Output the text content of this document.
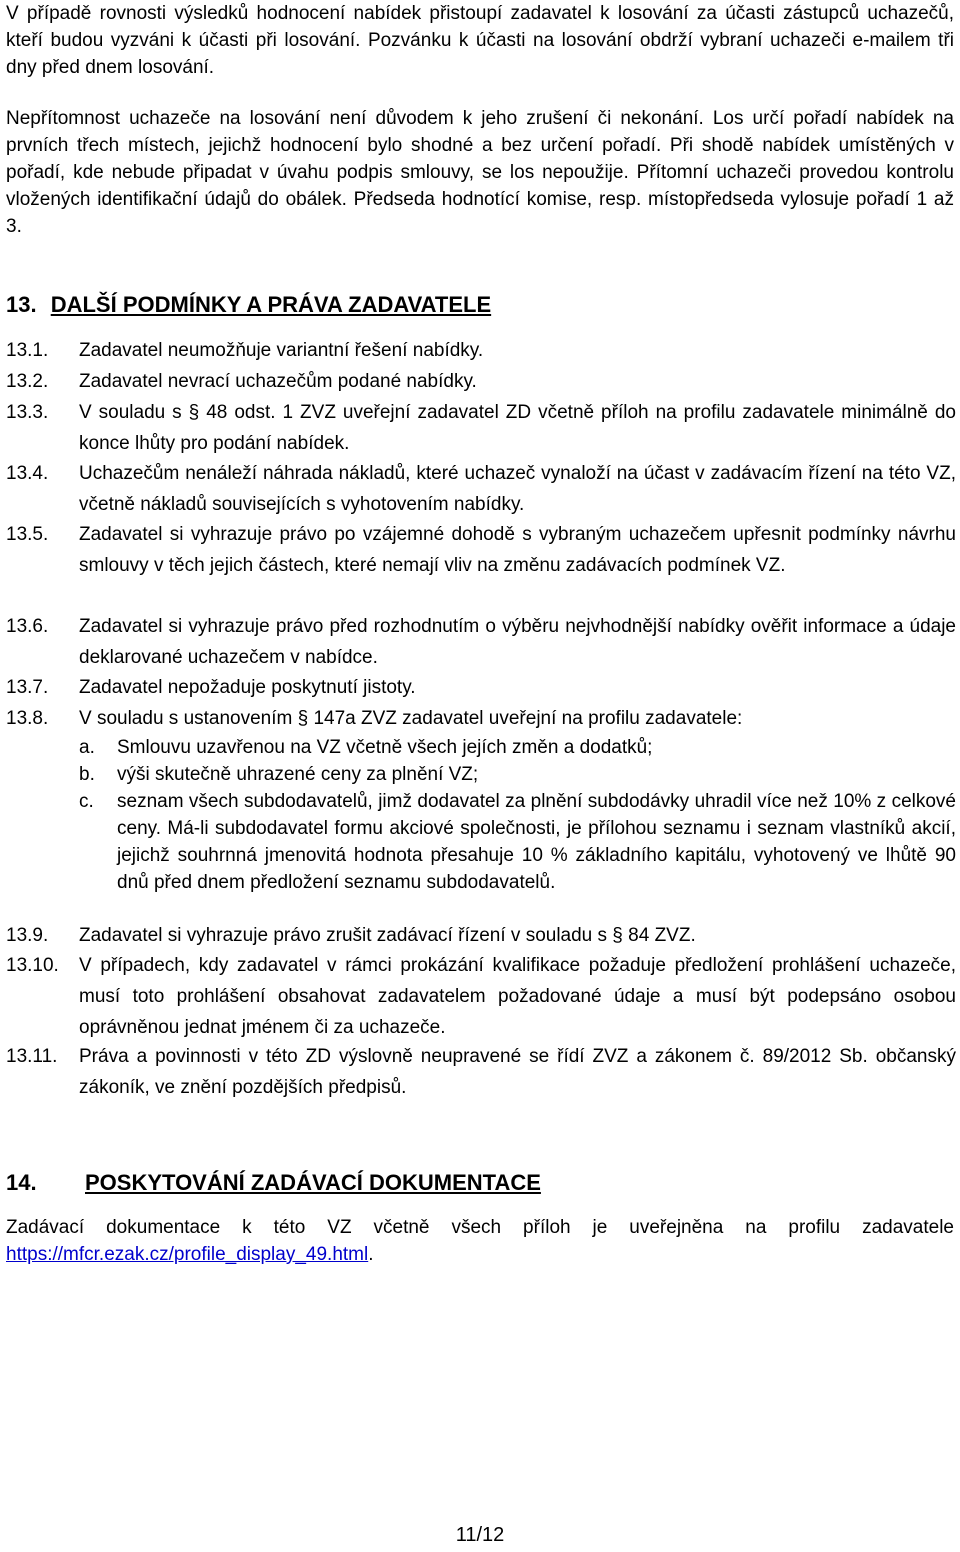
V případě rovnosti výsledků hodnocení nabídek přistoupí zadavatel k losování za účasti zástupců uchazečů, kteří budou vyzváni k účasti při losování. Pozvánku k účasti na losování obdrží vybraní uchazeči e-mailem tři dny před dnem losování.

Nepřítomnost uchazeče na losování není důvodem k jeho zrušení či nekonání. Los určí pořadí nabídek na prvních třech místech, jejichž hodnocení bylo shodné a bez určení pořadí. Při shodě nabídek umístěných v pořadí, kde nebude připadat v úvahu podpis smlouvy, se los nepoužije. Přítomní uchazeči provedou kontrolu vložených identifikační údajů do obálek. Předseda hodnotící komise, resp. místopředseda vylosuje pořadí 1 až 3.

13. DALŠÍ PODMÍNKY A PRÁVA ZADAVATELE
13.1. Zadavatel neumožňuje variantní řešení nabídky.
13.2. Zadavatel nevrací uchazečům podané nabídky.
13.3. V souladu s § 48 odst. 1 ZVZ uveřejní zadavatel ZD včetně příloh na profilu zadavatele minimálně do konce lhůty pro podání nabídek.
13.4. Uchazečům nenáleží náhrada nákladů, které uchazeč vynaloží na účast v zadávacím řízení na této VZ, včetně nákladů souvisejících s vyhotovením nabídky.
13.5. Zadavatel si vyhrazuje právo po vzájemné dohodě s vybraným uchazečem upřesnit podmínky návrhu smlouvy v těch jejich částech, které nemají vliv na změnu zadávacích podmínek VZ.
13.6. Zadavatel si vyhrazuje právo před rozhodnutím o výběru nejvhodnější nabídky ověřit informace a údaje deklarované uchazečem v nabídce.
13.7. Zadavatel nepožaduje poskytnutí jistoty.
13.8. V souladu s ustanovením § 147a ZVZ zadavatel uveřejní na profilu zadavatele:
a. Smlouvu uzavřenou na VZ včetně všech jejích změn a dodatků;
b. výši skutečně uhrazené ceny za plnění VZ;
c. seznam všech subdodavatelů, jimž dodavatel za plnění subdodávky uhradil více než 10% z celkové ceny. Má-li subdodavatel formu akciové společnosti, je přílohou seznamu i seznam vlastníků akcií, jejichž souhrnná jmenovitá hodnota přesahuje 10 % základního kapitálu, vyhotovený ve lhůtě 90 dnů před dnem předložení seznamu subdodavatelů.
13.9. Zadavatel si vyhrazuje právo zrušit zadávací řízení v souladu s § 84 ZVZ.
13.10. V případech, kdy zadavatel v rámci prokázání kvalifikace požaduje předložení prohlášení uchazeče, musí toto prohlášení obsahovat zadavatelem požadované údaje a musí být podepsáno osobou oprávněnou jednat jménem či za uchazeče.
13.11. Práva a povinnosti v této ZD výslovně neupravené se řídí ZVZ a zákonem č. 89/2012 Sb. občanský zákoník, ve znění pozdějších předpisů.
14. POSKYTOVÁNÍ ZADÁVACÍ DOKUMENTACE

Zadávací dokumentace k této VZ včetně všech příloh je uveřejněna na profilu zadavatele https://mfcr.ezak.cz/profile_display_49.html.

11/12
